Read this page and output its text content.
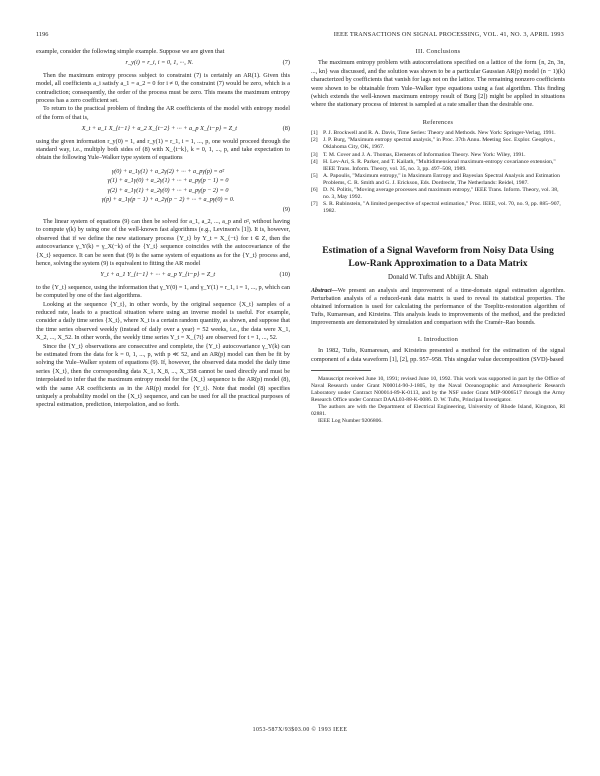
1196	IEEE TRANSACTIONS ON SIGNAL PROCESSING, VOL. 41, NO. 3, APRIL 1993

example, consider the following simple example. Suppose we are given that

r_y(i) = r_i, i = 0, 1, ···, N.	(7)

Then the maximum entropy process subject to constraint (7) is certainly an AR(1). Given this model, all coefficients a_i satisfy a_1 = a_2 = 0 for i ≠ 0, the constraint (7) would be zero, which is a contradiction; consequently, the order of the process must be zero. This means the maximum entropy process has a zero coefficient set.

To return to the practical problem of finding the AR coefficients of the model with entropy model of the form of that is,

X_t + a_1 X_{t−1} + a_2 X_{t−2} + ··· + a_p X_{t−p} = Z_t	(8)

using the given information r_y(0) = 1, and r_y(1) = r_1, i = 1, ..., p, one would proceed through the standard way, i.e., multiply both sides of (8) with X_{t−k}, k = 0, 1, ..., p, and take expectation to obtain the following Yule–Walker type system of equations

γ(0) + a_1γ(1) + a_2γ(2) + ··· + a_pγ(p) = σ²
γ(1) + a_1γ(0) + a_2γ(1) + ··· + a_pγ(p − 1) = 0
γ(2) + a_1γ(1) + a_2γ(0) + ··· + a_pγ(p − 2) = 0
γ(p) + a_1γ(p − 1) + a_2γ(p − 2) + ··· + a_pγ(0) = 0.
(9)

The linear system of equations (9) can then be solved for a_1, a_2, ..., a_p and σ², without having to compute γ(k) by using one of the well-known fast algorithms (e.g., Levinson's [1]). It is, however, observed that if we define the new stationary process {Y_t} by Y_t = X_{−t} for t ∈ Z, then the autocovariance γ_Y(k) = γ_X(−k) of the {Y_t} sequence coincides with the autocovariance of the {X_t} sequence. It can be seen that (9) is the same system of equations as for the {Y_t} process and, hence, solving the system (9) is equivalent to fitting the AR model

Y_t + a_1 Y_{t−1} + ··· + a_p Y_{t−p} = Z_t	(10)

to the {Y_t} sequence, using the information that γ_Y(0) = 1, and γ_Y(1) = r_1, i = 1, ..., p, which can be computed by one of the fast algorithms.

Looking at the sequence {Y_t}, in other words, by the original sequence {X_t} samples of a reduced rate, leads to a practical situation where using an inverse model is useful. For example, consider a daily time series {X_t}, where X_t is a certain random quantity, as shown, and suppose that the time series observed weekly (instead of daily over a year) = 52 weeks, i.e., the data were X_1, X_2, ..., X_52. In other words, the weekly time series Y_t = X_{7t} are observed for t = 1, ..., 52.

Since the {Y_t} observations are consecutive and complete, the {Y_t} autocovariance γ_Y(k) can be estimated from the data for k = 0, 1, ..., p, with p ≪ 52, and an AR(p) model can then be fit by solving the Yule–Walker system of equations (9). If, however, the observed data model the daily time series {X_t}, then the corresponding data X_1, X_8, ..., X_358 cannot be used directly and must be interpolated to infer that the maximum entropy model for the {X_t} sequence is the AR(p) model (8), with the same AR coefficients as in the AR(p) model for {Y_t}. Note that model (8) specifies uniquely a probability model on the {X_t} sequence, and can be used for all the practical purposes of spectral estimation, prediction, interpolation, and so forth.

III. Conclusions

The maximum entropy problem with autocorrelations specified on a lattice of the form {n, 2n, 3n, ..., kn} was discussed, and the solution was shown to be a particular Gaussian AR(p) model (n − 1)(k) characterized by coefficients that vanish for lags not on the lattice. The remaining nonzero coefficients were shown to be obtainable from Yule–Walker type equations using a fast algorithm. This finding (which extends the well-known maximum entropy result of Burg [2]) might be applied in situations where the stationary process of interest is sampled at a rate smaller than the desirable one.

References
[1] P. J. Brockwell and R. A. Davis, Time Series: Theory and Methods. New York: Springer-Verlag, 1991.
[2] J. P. Burg, "Maximum entropy spectral analysis," in Proc. 37th Annu. Meeting Soc. Explor. Geophys., Oklahoma City, OK, 1967.
[3] T. M. Cover and J. A. Thomas, Elements of Information Theory. New York: Wiley, 1991.
[4] H. Lev-Ari, S. R. Parker, and T. Kailath, "Multidimensional maximum-entropy covariance extension," IEEE Trans. Inform. Theory, vol. 35, no. 3, pp. 497–508, 1989.
[5] A. Papoulis, "Maximum entropy," in Maximum Entropy and Bayesian Spectral Analysis and Estimation Problems, C. R. Smith and G. J. Erickson, Eds. Dordrecht, The Netherlands: Reidel, 1987.
[6] D. N. Politis, "Moving average processes and maximum entropy," IEEE Trans. Inform. Theory, vol. 38, no. 3, May 1992.
[7] S. R. Rubinstein, "A limited perspective of spectral estimation," Proc. IEEE, vol. 70, no. 9, pp. 885–907, 1982.
Estimation of a Signal Waveform from Noisy Data Using Low-Rank Approximation to a Data Matrix
Donald W. Tufts and Abhijit A. Shah
Abstract—We present an analysis and improvement of a time-domain signal estimation algorithm. Perturbation analysis of a reduced-rank data matrix is used to reveal its statistical properties. The obtained information is used for calculating the performance of the Toeplitz-restoration algorithm of Tufts, Kumaresan, and Kirsteins. This analysis leads to improvements of the method, and the predicted improvements are demonstrated by simulation and comparison with the Cramér–Rao bounds.
I. Introduction

In 1982, Tufts, Kumaresan, and Kirsteins presented a method for the estimation of the signal component of a data waveform [1], [2], pp. 957–958. This singular value decomposition (SVD)-based

Manuscript received June 10, 1991; revised June 10, 1992. This work was supported in part by the Office of Naval Research under Grant N00014-90-J-1805, by the Naval Oceanographic and Atmospheric Research Laboratory under Contract N00014-89-K-0113, and by the NSF under Grant MIP-9006517 through the Army Research Office under Contract DAAL03-88-K-0086. D. W. Tufts, Principal Investigator.

The authors are with the Department of Electrical Engineering, University of Rhode Island, Kingston, RI 02881.

IEEE Log Number 9206806.

1053-587X/93$03.00 © 1993 IEEE
